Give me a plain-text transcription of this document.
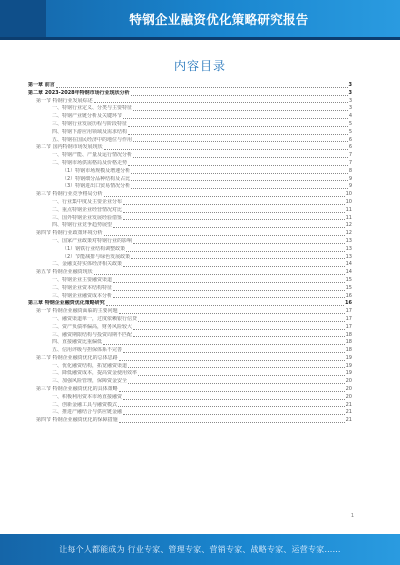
特钢企业融资优化策略研究报告
内容目录
第一章 前言	3
第二章 2023-2028年特钢市场行业现状分析	3
第一节 特钢行业发展综述	3
一、特钢行业定义、分类与主要特征	3
二、特钢产业链分析及关键环节	4
三、特钢行业发展历程与阶段特征	5
四、特钢下游应用领域及需求结构	5
五、特钢在国民经济中的地位与作用	6
第二节 国内特钢市场发展现状	6
一、特钢产能、产量及运行情况分析	7
二、特钢市场供需格局及价格走势	7
（1）特钢市场规模及增速分析	8
（2）特钢细分品种结构及占比	9
（3）特钢进出口贸易情况分析	9
第三节 特钢行业竞争格局分析	10
一、行业集中度及主要企业分布	10
二、重点特钢企业经营情况对比	11
三、国外特钢企业发展经验借鉴	11
四、特钢行业竞争趋势展望	12
第四节 特钢行业政策环境分析	12
一、国家产业政策对特钢行业的影响	13
（1）钢铁行业结构调整政策	13
（2）节能减排与绿色发展政策	13
二、金融支持实体经济相关政策	14
第五节 特钢企业融资现状	14
一、特钢企业主要融资渠道	15
二、特钢企业资本结构特征	15
三、特钢企业融资成本分析	16
第三章 特钢企业融资优化策略研究	16
第一节 特钢企业融资面临的主要问题	17
一、融资渠道单一，过度依赖银行信贷	17
二、资产负债率偏高，财务风险较大	17
三、融资期限结构与投资周期不匹配	18
四、直接融资比重偏低	18
五、信用评级与担保体系不完善	18
第二节 特钢企业融资优化的总体思路	19
一、优化融资结构，拓宽融资渠道	19
二、降低融资成本，提高资金使用效率	19
三、加强风险管理，保障资金安全	20
第三节 特钢企业融资优化的具体策略	20
一、积极利用资本市场直接融资	20
二、创新金融工具与融资模式	21
三、推进产融结合与供应链金融	21
第四节 特钢企业融资优化的保障措施	21
1
让每个人都能成为 行业专家、管理专家、营销专家、战略专家、运营专家……
